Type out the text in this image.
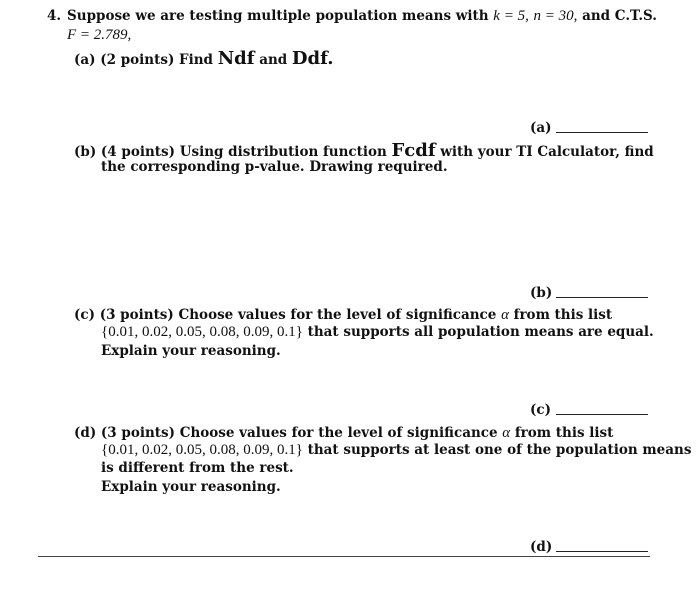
4. Suppose we are testing multiple population means with k = 5, n = 30, and C.T.S.
F = 2.789,
(a) (2 points) Find Ndf and Ddf.
(a)
(b) (4 points) Using distribution function Fcdf with your TI Calculator, find
the corresponding p-value. Drawing required.
(b)
(c) (3 points) Choose values for the level of significance α from this list
{0.01, 0.02, 0.05, 0.08, 0.09, 0.1} that supports all population means are equal.
Explain your reasoning.
(c)
(d) (3 points) Choose values for the level of significance α from this list
{0.01, 0.02, 0.05, 0.08, 0.09, 0.1} that supports at least one of the population means
is different from the rest.
Explain your reasoning.
(d)
